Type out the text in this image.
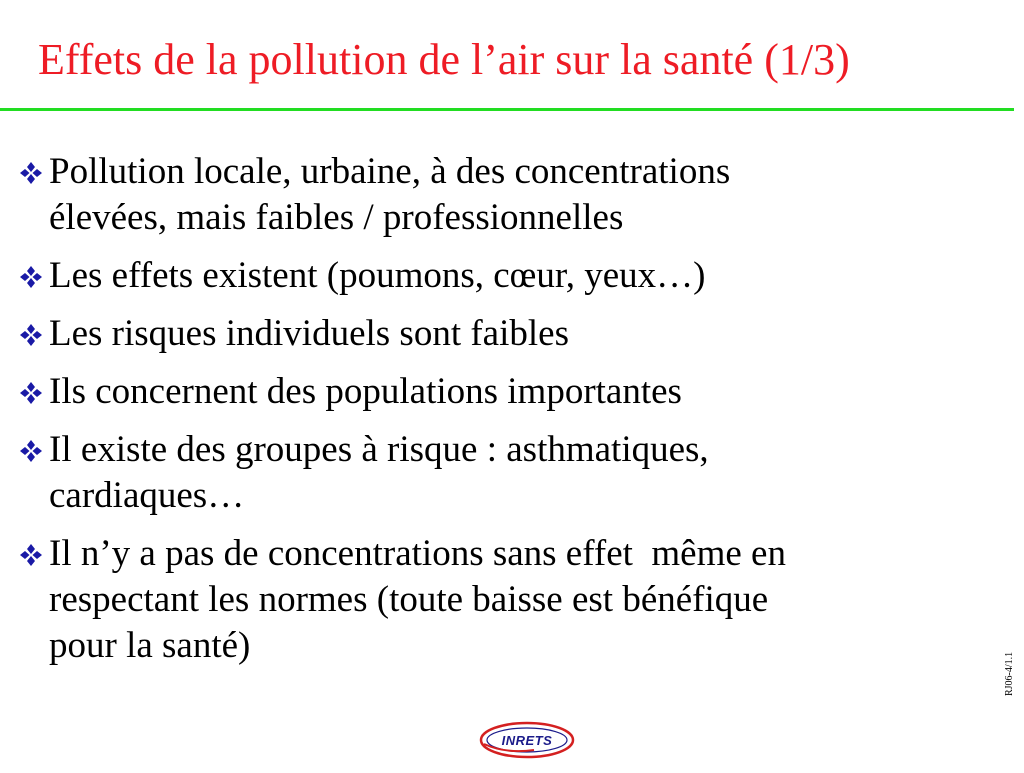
Effets de la pollution de l’air sur la santé (1/3)
Pollution locale, urbaine, à des concentrations
élevées, mais faibles / professionnelles
Les effets existent (poumons, cœur, yeux…)
Les risques individuels sont faibles
Ils concernent des populations importantes
Il existe des groupes à risque : asthmatiques,
cardiaques…
Il n’y a pas de concentrations sans effet  même en
respectant les normes (toute baisse est bénéfique
pour la santé)
RJ06-4/1.1
INRETS
